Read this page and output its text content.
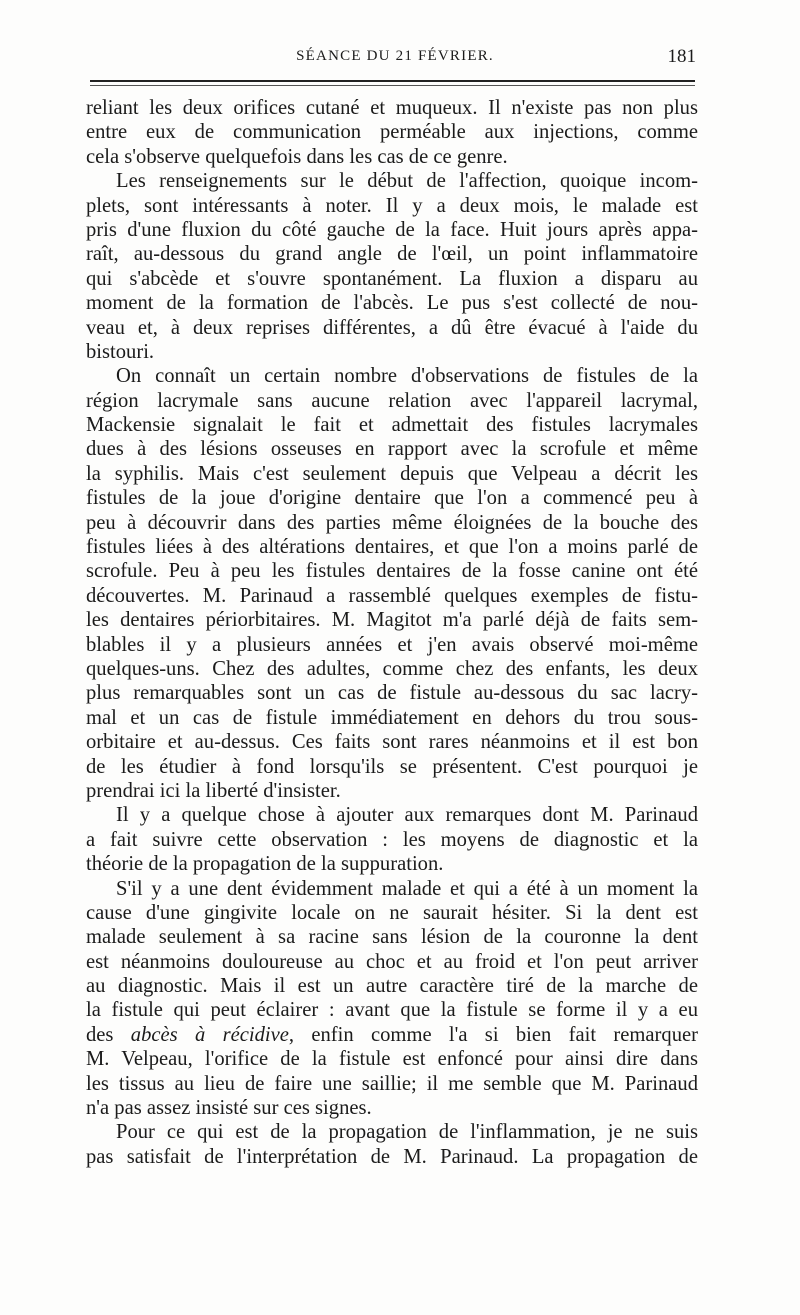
SÉANCE DU 21 FÉVRIER.	181
reliant les deux orifices cutané et muqueux. Il n'existe pas non plus
entre eux de communication perméable aux injections, comme
cela s'observe quelquefois dans les cas de ce genre.
Les renseignements sur le début de l'affection, quoique incom-
plets, sont intéressants à noter. Il y a deux mois, le malade est
pris d'une fluxion du côté gauche de la face. Huit jours après appa-
raît, au-dessous du grand angle de l'œil, un point inflammatoire
qui s'abcède et s'ouvre spontanément. La fluxion a disparu au
moment de la formation de l'abcès. Le pus s'est collecté de nou-
veau et, à deux reprises différentes, a dû être évacué à l'aide du
bistouri.
On connaît un certain nombre d'observations de fistules de la
région lacrymale sans aucune relation avec l'appareil lacrymal,
Mackensie signalait le fait et admettait des fistules lacrymales
dues à des lésions osseuses en rapport avec la scrofule et même
la syphilis. Mais c'est seulement depuis que Velpeau a décrit les
fistules de la joue d'origine dentaire que l'on a commencé peu à
peu à découvrir dans des parties même éloignées de la bouche des
fistules liées à des altérations dentaires, et que l'on a moins parlé de
scrofule. Peu à peu les fistules dentaires de la fosse canine ont été
découvertes. M. Parinaud a rassemblé quelques exemples de fistu-
les dentaires périorbitaires. M. Magitot m'a parlé déjà de faits sem-
blables il y a plusieurs années et j'en avais observé moi-même
quelques-uns. Chez des adultes, comme chez des enfants, les deux
plus remarquables sont un cas de fistule au-dessous du sac lacry-
mal et un cas de fistule immédiatement en dehors du trou sous-
orbitaire et au-dessus. Ces faits sont rares néanmoins et il est bon
de les étudier à fond lorsqu'ils se présentent. C'est pourquoi je
prendrai ici la liberté d'insister.
Il y a quelque chose à ajouter aux remarques dont M. Parinaud
a fait suivre cette observation : les moyens de diagnostic et la
théorie de la propagation de la suppuration.
S'il y a une dent évidemment malade et qui a été à un moment la
cause d'une gingivite locale on ne saurait hésiter. Si la dent est
malade seulement à sa racine sans lésion de la couronne la dent
est néanmoins douloureuse au choc et au froid et l'on peut arriver
au diagnostic. Mais il est un autre caractère tiré de la marche de
la fistule qui peut éclairer : avant que la fistule se forme il y a eu
des abcès à récidive, enfin comme l'a si bien fait remarquer
M. Velpeau, l'orifice de la fistule est enfoncé pour ainsi dire dans
les tissus au lieu de faire une saillie; il me semble que M. Parinaud
n'a pas assez insisté sur ces signes.
Pour ce qui est de la propagation de l'inflammation, je ne suis
pas satisfait de l'interprétation de M. Parinaud. La propagation de
